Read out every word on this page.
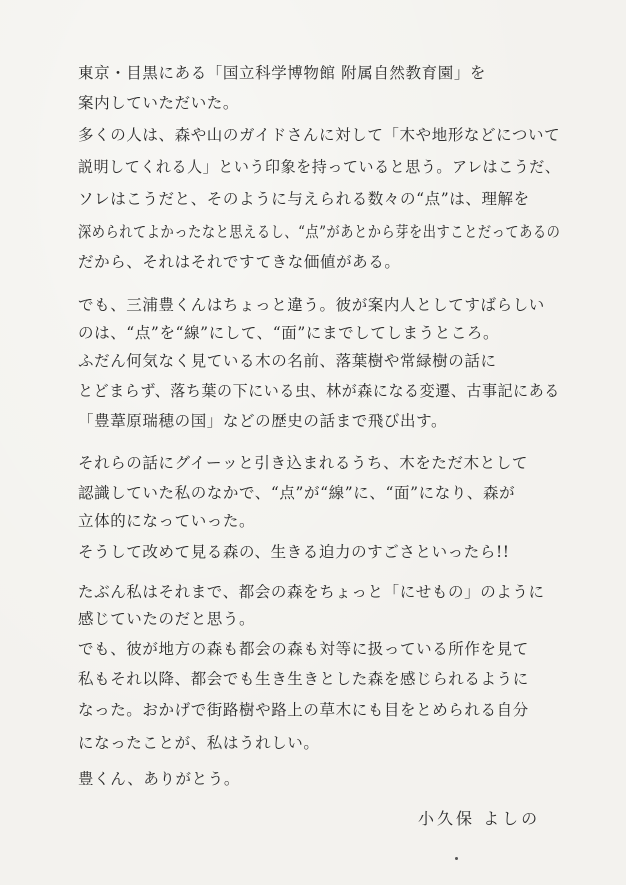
東京・目黒にある「国立科学博物館 附属自然教育園」を
案内していただいた。
多くの人は、森や山のガイドさんに対して「木や地形などについて
説明してくれる人」という印象を持っていると思う。アレはこうだ、
ソレはこうだと、そのように与えられる数々の“点”は、理解を
深められてよかったなと思えるし、“点”があとから芽を出すことだってあるの
だから、それはそれですてきな価値がある。
でも、三浦豊くんはちょっと違う。彼が案内人としてすばらしい
のは、“点”を“線”にして、“面”にまでしてしまうところ。
ふだん何気なく見ている木の名前、落葉樹や常緑樹の話に
とどまらず、落ち葉の下にいる虫、林が森になる変遷、古事記にある
「豊葦原瑞穂の国」などの歴史の話まで飛び出す。
それらの話にグイーッと引き込まれるうち、木をただ木として
認識していた私のなかで、“点”が“線”に、“面”になり、森が
立体的になっていった。
そうして改めて見る森の、生きる迫力のすごさといったら!!
たぶん私はそれまで、都会の森をちょっと「にせもの」のように
感じていたのだと思う。
でも、彼が地方の森も都会の森も対等に扱っている所作を見て
私もそれ以降、都会でも生き生きとした森を感じられるように
なった。おかげで街路樹や路上の草木にも目をとめられる自分
になったことが、私はうれしい。
豊くん、ありがとう。
小久保 よしの
